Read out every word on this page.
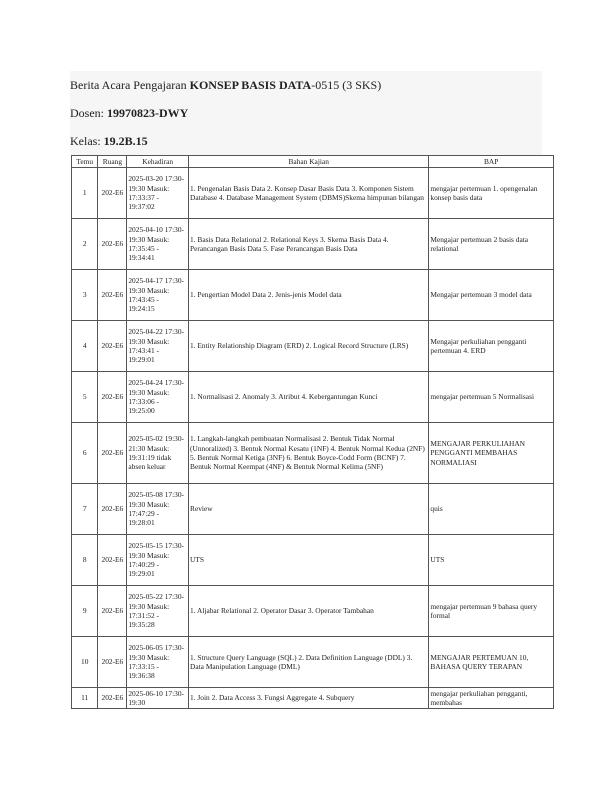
Berita Acara Pengajaran
KONSEP BASIS DATA -0515 (3 SKS)
Dosen:
19970823-DWY
Kelas:
19.2B.15
Temu	Ruang	Kehadiran	Bahan Kajian	BAP
1	202-E6	2025-03-20 17:30-19:30 Masuk: 17:33:37 - 19:37:02	1. Pengenalan Basis Data 2. Konsep Dasar Basis Data 3. Komponen Sistem Database 4. Database Management System (DBMS)Skema himpunan bilangan	mengajar pertemuan 1. opengenalan konsep basis data
2	202-E6	2025-04-10 17:30-19:30 Masuk: 17:35:45 - 19:34:41	1. Basis Data Relational 2. Relational Keys 3. Skema Basis Data 4. Perancangan Basis Data 5. Fase Perancangan Basis Data	Mengajar pertemuan 2 basis data relational
3	202-E6	2025-04-17 17:30-19:30 Masuk: 17:43:45 - 19:24:15	1. Pengertian Model Data 2. Jenis-jenis Model data	Mengajar pertemuan 3 model data
4	202-E6	2025-04-22 17:30-19:30 Masuk: 17:43:41 - 19:29:01	1. Entity Relationship Diagram (ERD) 2. Logical Record Structure (LRS)	Mengajar perkuliahan pengganti pertemuan 4. ERD
5	202-E6	2025-04-24 17:30-19:30 Masuk: 17:33:06 - 19:25:00	1. Normalisasi 2. Anomaly 3. Atribut 4. Kebergantungan Kunci	mengajar pertemuan 5 Normalisasi
6	202-E6	2025-05-02 19:30-21:30 Masuk: 19:31:19 tidak absen keluar	1. Langkah-langkah pembuatan Normalisasi 2. Bentuk Tidak Normal (Unnoralized) 3. Bentuk Normal Kesatu (1NF) 4. Bentuk Normal Kedua (2NF) 5. Bentuk Normal Ketiga (3NF) 6. Bentuk Boyce-Codd Form (BCNF) 7. Bentuk Normal Keempat (4NF) & Bentuk Normal Kelima (5NF)	MENGAJAR PERKULIAHAN PENGGANTI MEMBAHAS NORMALIASI
7	202-E6	2025-05-08 17:30-19:30 Masuk: 17:47:29 - 19:28:01	Review	quis
8	202-E6	2025-05-15 17:30-19:30 Masuk: 17:40:29 - 19:29:01	UTS	UTS
9	202-E6	2025-05-22 17:30-19:30 Masuk: 17:31:52 - 19:35:28	1. Aljabar Relational 2. Operator Dasar 3. Operator Tambahan	mengajar pertemuan 9 bahasa query formal
10	202-E6	2025-06-05 17:30-19:30 Masuk: 17:33:15 - 19:36:38	1. Structure Query Language (SQL) 2. Data Definition Language (DDL) 3. Data Manipulation Language (DML)	MENGAJAR PERTEMUAN 10, BAHASA QUERY TERAPAN
11	202-E6	2025-06-10 17:30-19:30	1. Join 2. Data Access 3. Fungsi Aggregate 4. Subquery	mengajar perkuliahan pengganti, membahas
